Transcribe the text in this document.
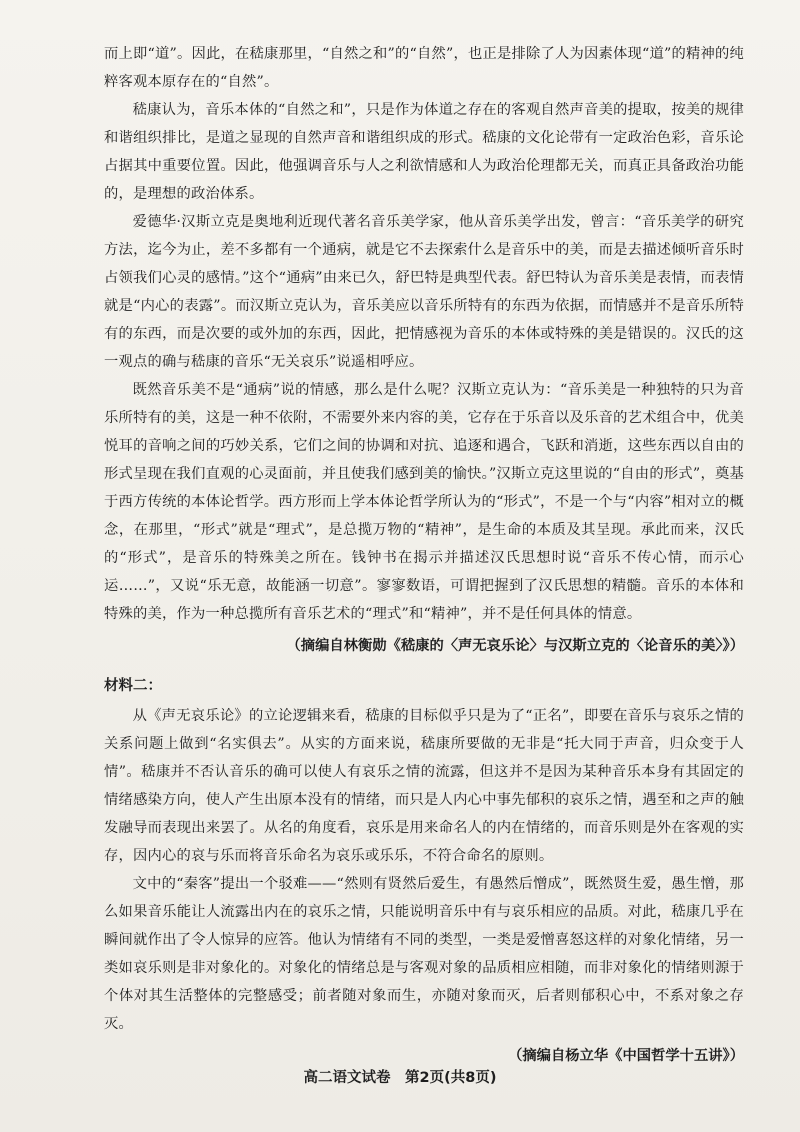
而上即“道”。因此，在嵇康那里，“自然之和”的“自然”，也正是排除了人为因素体现“道”的精神的纯粹客观本原存在的“自然”。

嵇康认为，音乐本体的“自然之和”，只是作为体道之存在的客观自然声音美的提取，按美的规律和谐组织排比，是道之显现的自然声音和谐组织成的形式。嵇康的文化论带有一定政治色彩，音乐论占据其中重要位置。因此，他强调音乐与人之利欲情感和人为政治伦理都无关，而真正具备政治功能的，是理想的政治体系。

爱德华·汉斯立克是奥地利近现代著名音乐美学家，他从音乐美学出发，曾言：“音乐美学的研究方法，迄今为止，差不多都有一个通病，就是它不去探索什么是音乐中的美，而是去描述倾听音乐时占领我们心灵的感情。”这个“通病”由来已久，舒巴特是典型代表。舒巴特认为音乐美是表情，而表情就是“内心的表露”。而汉斯立克认为，音乐美应以音乐所特有的东西为依据，而情感并不是音乐所特有的东西，而是次要的或外加的东西，因此，把情感视为音乐的本体或特殊的美是错误的。汉氏的这一观点的确与嵇康的音乐“无关哀乐”说遥相呼应。

既然音乐美不是“通病”说的情感，那么是什么呢？汉斯立克认为：“音乐美是一种独特的只为音乐所特有的美，这是一种不依附，不需要外来内容的美，它存在于乐音以及乐音的艺术组合中，优美悦耳的音响之间的巧妙关系，它们之间的协调和对抗、追逐和遇合，飞跃和消逝，这些东西以自由的形式呈现在我们直观的心灵面前，并且使我们感到美的愉快。”汉斯立克这里说的“自由的形式”，奠基于西方传统的本体论哲学。西方形而上学本体论哲学所认为的“形式”，不是一个与“内容”相对立的概念，在那里，“形式”就是“理式”，是总揽万物的“精神”，是生命的本质及其呈现。承此而来，汉氏的“形式”，是音乐的特殊美之所在。钱钟书在揭示并描述汉氏思想时说“音乐不传心情，而示心运……”，又说“乐无意，故能涵一切意”。寥寥数语，可谓把握到了汉氏思想的精髓。音乐的本体和特殊的美，作为一种总揽所有音乐艺术的“理式”和“精神”，并不是任何具体的情意。

（摘编自林衡勋《嵇康的〈声无哀乐论〉与汉斯立克的〈论音乐的美〉》）

材料二：

从《声无哀乐论》的立论逻辑来看，嵇康的目标似乎只是为了“正名”，即要在音乐与哀乐之情的关系问题上做到“名实俱去”。从实的方面来说，嵇康所要做的无非是“托大同于声音，归众变于人情”。嵇康并不否认音乐的确可以使人有哀乐之情的流露，但这并不是因为某种音乐本身有其固定的情绪感染方向，使人产生出原本没有的情绪，而只是人内心中事先郁积的哀乐之情，遇至和之声的触发融导而表现出来罢了。从名的角度看，哀乐是用来命名人的内在情绪的，而音乐则是外在客观的实存，因内心的哀与乐而将音乐命名为哀乐或乐乐，不符合命名的原则。

文中的“秦客”提出一个驳难——“然则有贤然后爱生，有愚然后憎成”，既然贤生爱，愚生憎，那么如果音乐能让人流露出内在的哀乐之情，只能说明音乐中有与哀乐相应的品质。对此，嵇康几乎在瞬间就作出了令人惊异的应答。他认为情绪有不同的类型，一类是爱憎喜怒这样的对象化情绪，另一类如哀乐则是非对象化的。对象化的情绪总是与客观对象的品质相应相随，而非对象化的情绪则源于个体对其生活整体的完整感受；前者随对象而生，亦随对象而灭，后者则郁积心中，不系对象之存灭。

（摘编自杨立华《中国哲学十五讲》）

高二语文试卷　第2页(共8页)
